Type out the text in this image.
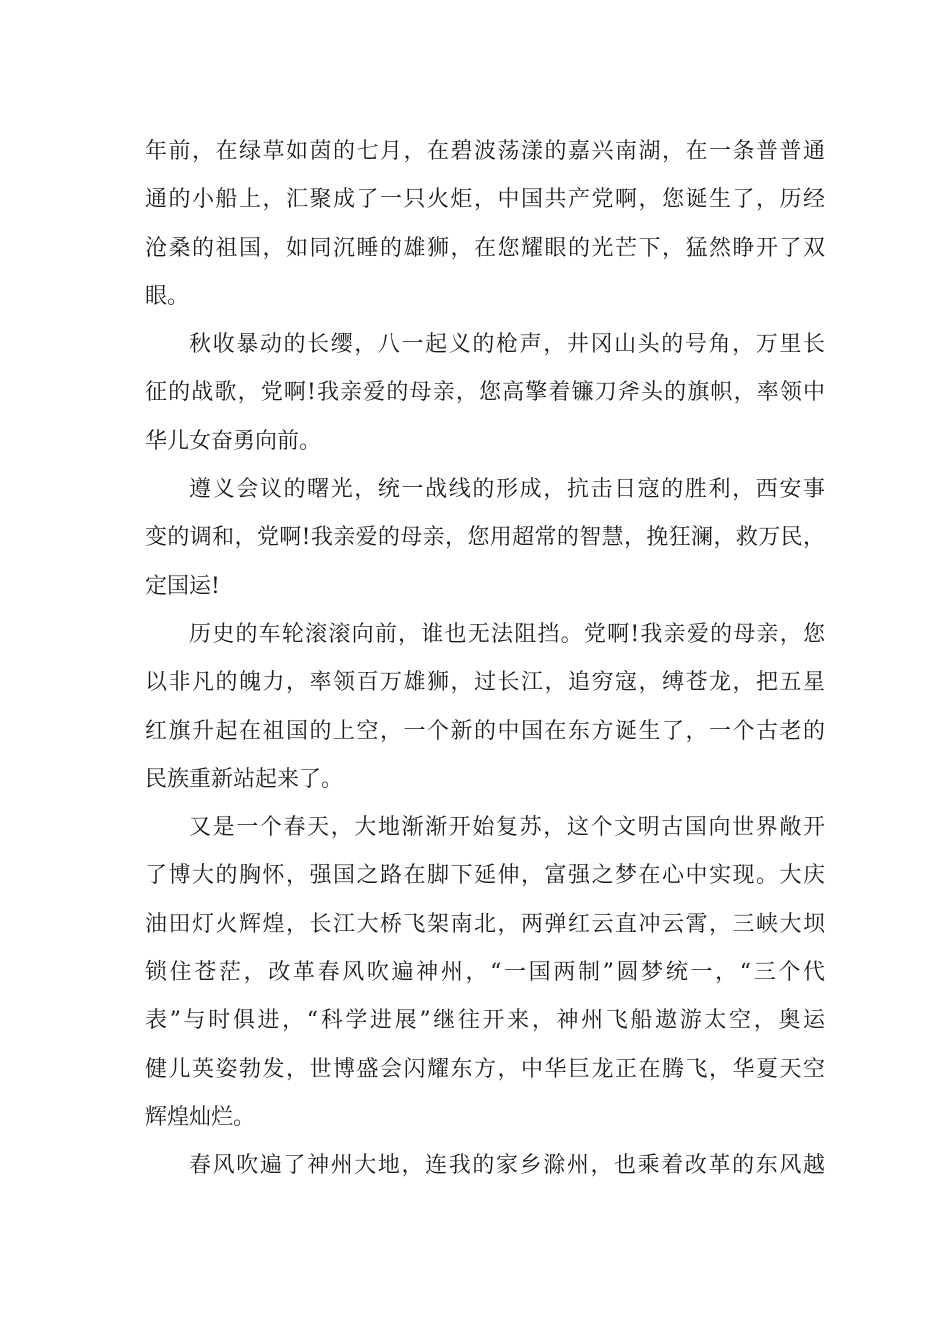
年前，在绿草如茵的七月，在碧波荡漾的嘉兴南湖，在一条普普通
通的小船上，汇聚成了一只火炬，中国共产党啊，您诞生了，历经
沧桑的祖国，如同沉睡的雄狮，在您耀眼的光芒下，猛然睁开了双
眼。
秋收暴动的长缨，八一起义的枪声，井冈山头的号角，万里长
征的战歌，党啊!我亲爱的母亲，您高擎着镰刀斧头的旗帜，率领中
华儿女奋勇向前。
遵义会议的曙光，统一战线的形成，抗击日寇的胜利，西安事
变的调和，党啊!我亲爱的母亲，您用超常的智慧，挽狂澜，救万民，
定国运!
历史的车轮滚滚向前，谁也无法阻挡。党啊!我亲爱的母亲，您
以非凡的魄力，率领百万雄狮，过长江，追穷寇，缚苍龙，把五星
红旗升起在祖国的上空，一个新的中国在东方诞生了，一个古老的
民族重新站起来了。
又是一个春天，大地渐渐开始复苏，这个文明古国向世界敞开
了博大的胸怀，强国之路在脚下延伸，富强之梦在心中实现。大庆
油田灯火辉煌，长江大桥飞架南北，两弹红云直冲云霄，三峡大坝
锁住苍茫，改革春风吹遍神州，“一国两制”圆梦统一，“三个代
表”与时俱进，“科学进展”继往开来，神州飞船遨游太空，奥运
健儿英姿勃发，世博盛会闪耀东方，中华巨龙正在腾飞，华夏天空
辉煌灿烂。
春风吹遍了神州大地，连我的家乡滁州，也乘着改革的东风越
